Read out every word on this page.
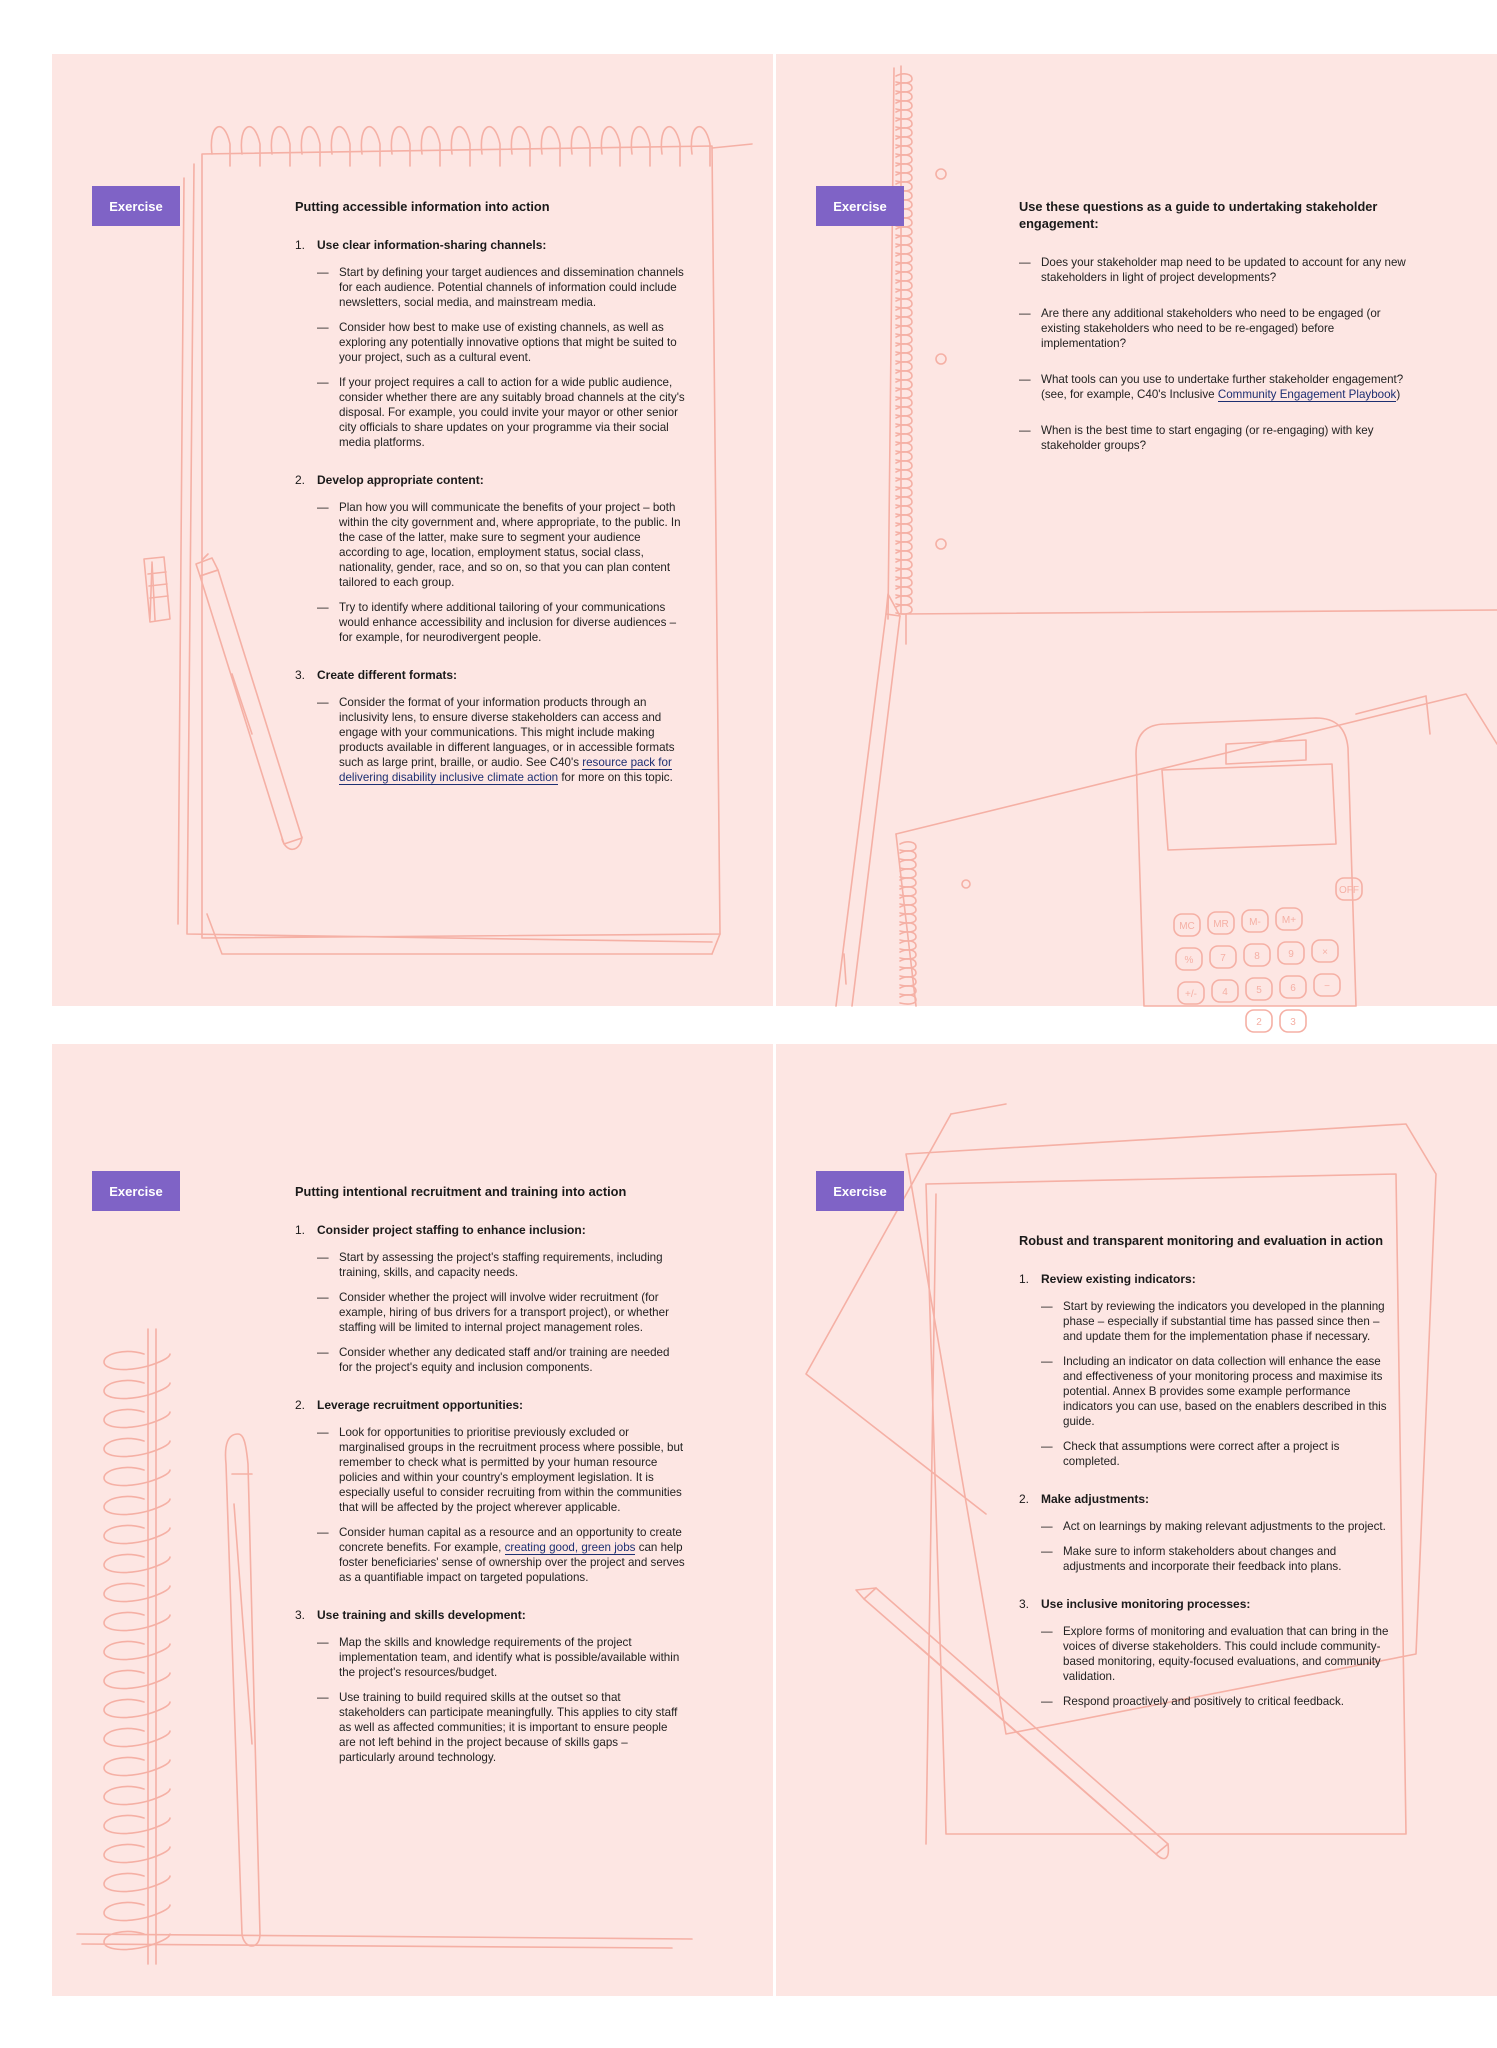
Exercise	Putting accessible information into action
1. Use clear information-sharing channels:
— Start by defining your target audiences and dissemination channels for each audience. Potential channels of information could include newsletters, social media, and mainstream media.
— Consider how best to make use of existing channels, as well as exploring any potentially innovative options that might be suited to your project, such as a cultural event.
— If your project requires a call to action for a wide public audience, consider whether there are any suitably broad channels at the city's disposal. For example, you could invite your mayor or other senior city officials to share updates on your programme via their social media platforms.
2. Develop appropriate content:
— Plan how you will communicate the benefits of your project – both within the city government and, where appropriate, to the public. In the case of the latter, make sure to segment your audience according to age, location, employment status, social class, nationality, gender, race, and so on, so that you can plan content tailored to each group.
— Try to identify where additional tailoring of your communications would enhance accessibility and inclusion for diverse audiences – for example, for neurodivergent people.
3. Create different formats:
— Consider the format of your information products through an inclusivity lens, to ensure diverse stakeholders can access and engage with your communications. This might include making products available in different languages, or in accessible formats such as large print, braille, or audio. See C40's resource pack for delivering disability inclusive climate action for more on this topic.
OFF
MC MR M- M+
%	7	8	9	×
+/-	4	5	6	−
2	3
Exercise	Use these questions as a guide to undertaking stakeholder engagement:
— Does your stakeholder map need to be updated to account for any new stakeholders in light of project developments?
— Are there any additional stakeholders who need to be engaged (or existing stakeholders who need to be re-engaged) before implementation?
— What tools can you use to undertake further stakeholder engagement? (see, for example, C40's Inclusive Community Engagement Playbook)
— When is the best time to start engaging (or re-engaging) with key stakeholder groups?
Exercise	Putting intentional recruitment and training into action
1. Consider project staffing to enhance inclusion:
— Start by assessing the project's staffing requirements, including training, skills, and capacity needs.
— Consider whether the project will involve wider recruitment (for example, hiring of bus drivers for a transport project), or whether staffing will be limited to internal project management roles.
— Consider whether any dedicated staff and/or training are needed for the project's equity and inclusion components.
2. Leverage recruitment opportunities:
— Look for opportunities to prioritise previously excluded or marginalised groups in the recruitment process where possible, but remember to check what is permitted by your human resource policies and within your country's employment legislation. It is especially useful to consider recruiting from within the communities that will be affected by the project wherever applicable.
— Consider human capital as a resource and an opportunity to create concrete benefits. For example, creating good, green jobs can help foster beneficiaries' sense of ownership over the project and serves as a quantifiable impact on targeted populations.
3. Use training and skills development:
— Map the skills and knowledge requirements of the project implementation team, and identify what is possible/available within the project's resources/budget.
— Use training to build required skills at the outset so that stakeholders can participate meaningfully. This applies to city staff as well as affected communities; it is important to ensure people are not left behind in the project because of skills gaps – particularly around technology.
Exercise
Robust and transparent monitoring and evaluation in action
1. Review existing indicators:
— Start by reviewing the indicators you developed in the planning phase – especially if substantial time has passed since then – and update them for the implementation phase if necessary.
— Including an indicator on data collection will enhance the ease and effectiveness of your monitoring process and maximise its potential. Annex B provides some example performance indicators you can use, based on the enablers described in this guide.
— Check that assumptions were correct after a project is completed.
2. Make adjustments:
— Act on learnings by making relevant adjustments to the project.
— Make sure to inform stakeholders about changes and adjustments and incorporate their feedback into plans.
3. Use inclusive monitoring processes:
— Explore forms of monitoring and evaluation that can bring in the voices of diverse stakeholders. This could include community-based monitoring, equity-focused evaluations, and community validation.
— Respond proactively and positively to critical feedback.
